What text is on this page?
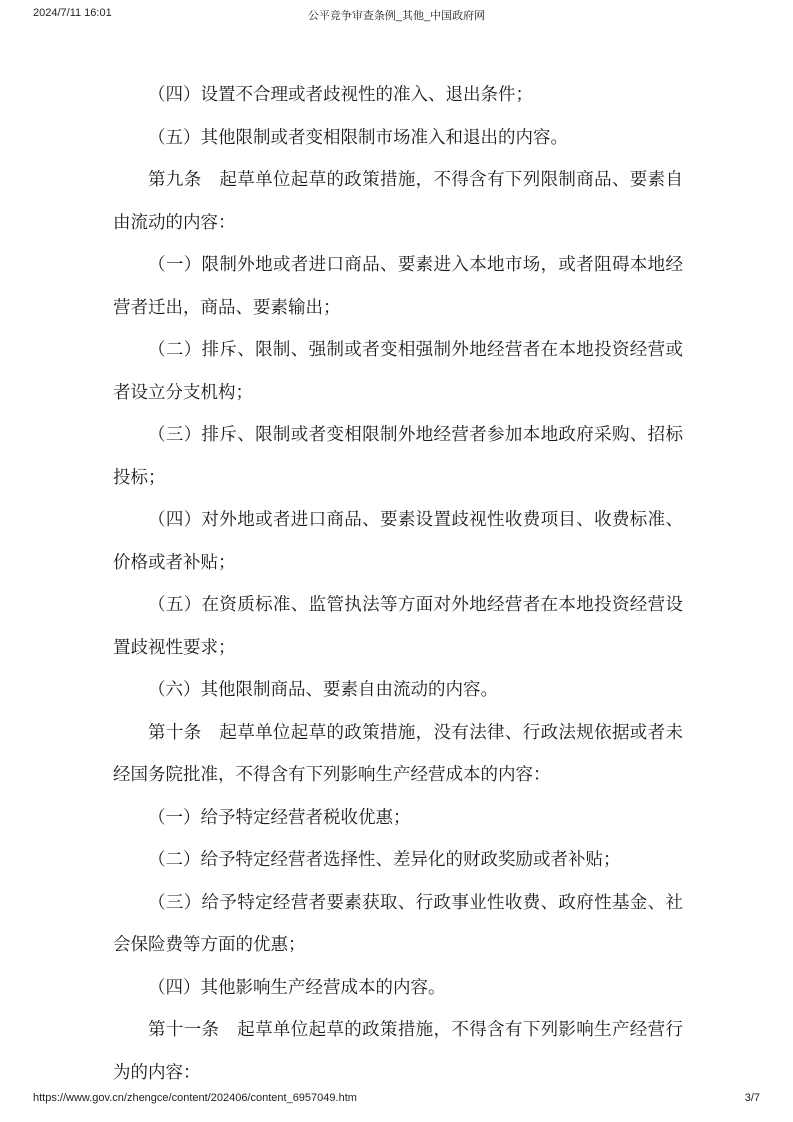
2024/7/11 16:01	公平竞争审查条例_其他_中国政府网

（四）设置不合理或者歧视性的准入、退出条件；

（五）其他限制或者变相限制市场准入和退出的内容。

第九条　起草单位起草的政策措施，不得含有下列限制商品、要素自由流动的内容：

（一）限制外地或者进口商品、要素进入本地市场，或者阻碍本地经营者迁出，商品、要素输出；

（二）排斥、限制、强制或者变相强制外地经营者在本地投资经营或者设立分支机构；

（三）排斥、限制或者变相限制外地经营者参加本地政府采购、招标投标；

（四）对外地或者进口商品、要素设置歧视性收费项目、收费标准、价格或者补贴；

（五）在资质标准、监管执法等方面对外地经营者在本地投资经营设置歧视性要求；

（六）其他限制商品、要素自由流动的内容。

第十条　起草单位起草的政策措施，没有法律、行政法规依据或者未经国务院批准，不得含有下列影响生产经营成本的内容：

（一）给予特定经营者税收优惠；

（二）给予特定经营者选择性、差异化的财政奖励或者补贴；

（三）给予特定经营者要素获取、行政事业性收费、政府性基金、社会保险费等方面的优惠；

（四）其他影响生产经营成本的内容。

第十一条　起草单位起草的政策措施，不得含有下列影响生产经营行为的内容：

https://www.gov.cn/zhengce/content/202406/content_6957049.htm	3/7
